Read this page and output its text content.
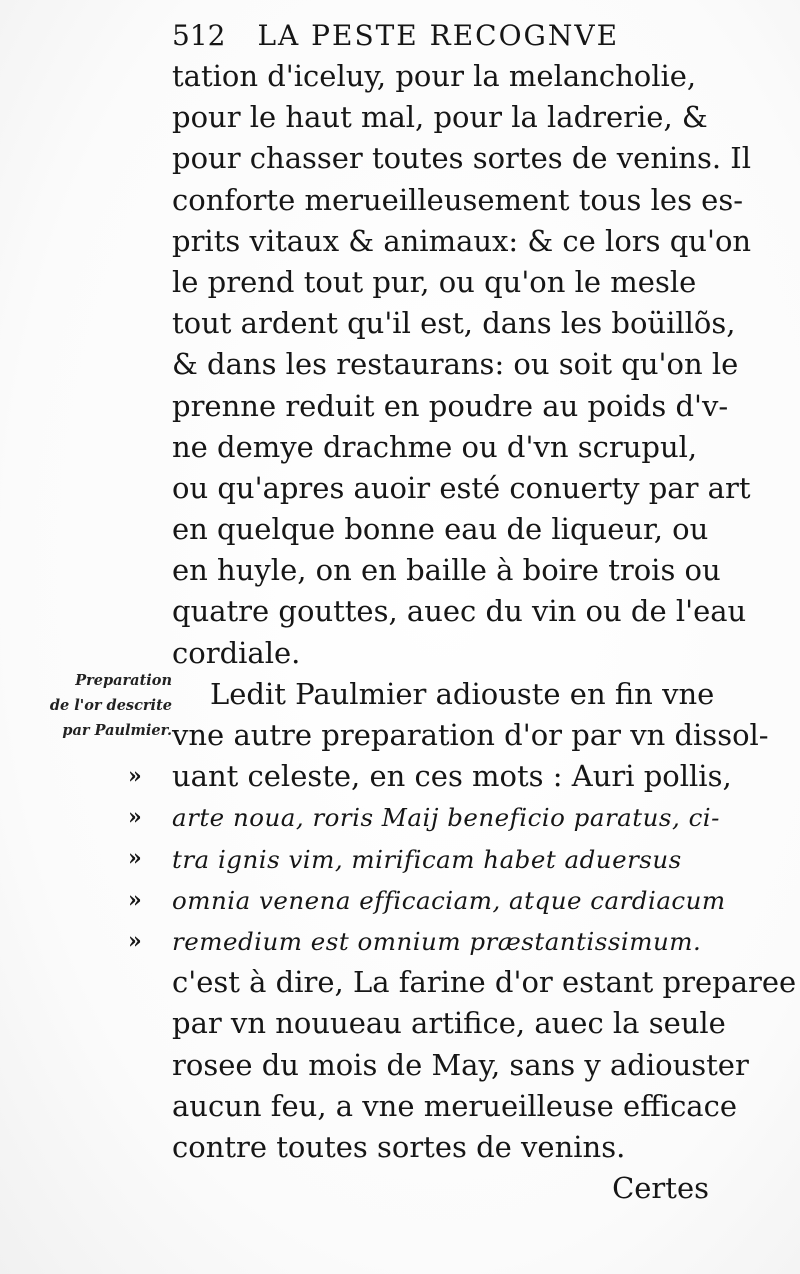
512 LA PESTE RECOGNVE
tation d'iceluy, pour la melancholie,
pour le haut mal, pour la ladrerie, &
pour chasser toutes sortes de venins. Il
conforte merueilleusement tous les es-
prits vitaux & animaux: & ce lors qu'on
le prend tout pur, ou qu'on le mesle
tout ardent qu'il est, dans les boüillõs,
& dans les restaurans: ou soit qu'on le
prenne reduit en poudre au poids d'v-
ne demye drachme ou d'vn scrupul,
ou qu'apres auoir esté conuerty par art
en quelque bonne eau de liqueur, ou
en huyle, on en baille à boire trois ou
quatre gouttes, auec du vin ou de l'eau
cordiale.
Ledit Paulmier adiouste en fin vne
vne autre preparation d'or par vn dissol-
uant celeste, en ces mots : Auri pollis,
arte noua, roris Maij beneficio paratus, ci-
tra ignis vim, mirificam habet aduersus
omnia venena efficaciam, atque cardiacum
remedium est omnium præstantissimum.
c'est à dire, La farine d'or estant preparee
par vn nouueau artifice, auec la seule
rosee du mois de May, sans y adiouster
aucun feu, a vne merueilleuse efficace
contre toutes sortes de venins.
Certes
Preparation
de l'or descrite
par Paulmier.
»
»
»
»
»
